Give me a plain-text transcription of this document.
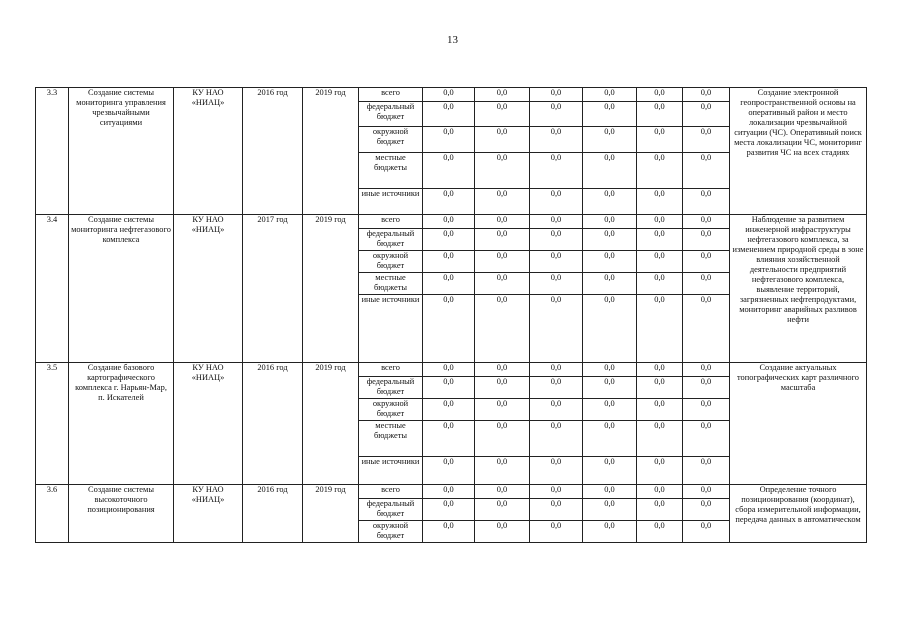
13
3.3	Создание системы мониторинга управления чрезвычайными ситуациями	КУ НАО «НИАЦ»	2016 год	2019 год	всего	0,0	0,0	0,0	0,0	0,0	0,0	Создание электронной геопространственной основы на оперативный район и место локализации чрезвычайной ситуации (ЧС). Оперативный поиск места локализации ЧС, мониторинг развития ЧС на всех стадиях
					федеральный бюджет	0,0	0,0	0,0	0,0	0,0	0,0	
					окружной бюджет	0,0	0,0	0,0	0,0	0,0	0,0	
					местные бюджеты	0,0	0,0	0,0	0,0	0,0	0,0	
					иные источники	0,0	0,0	0,0	0,0	0,0	0,0	
3.4	Создание системы мониторинга нефтегазового комплекса	КУ НАО «НИАЦ»	2017 год	2019 год	всего	0,0	0,0	0,0	0,0	0,0	0,0	Наблюдение за развитием инженерной инфраструктуры нефтегазового комплекса, за изменением природной среды в зоне влияния хозяйственной деятельности предприятий нефтегазового комплекса, выявление территорий, загрязненных нефтепродуктами, мониторинг аварийных разливов нефти
					федеральный бюджет	0,0	0,0	0,0	0,0	0,0	0,0	
					окружной бюджет	0,0	0,0	0,0	0,0	0,0	0,0	
					местные бюджеты	0,0	0,0	0,0	0,0	0,0	0,0	
					иные источники	0,0	0,0	0,0	0,0	0,0	0,0	
3.5	Создание базового картографического комплекса г. Нарьян-Мар, п. Искателей	КУ НАО «НИАЦ»	2016 год	2019 год	всего	0,0	0,0	0,0	0,0	0,0	0,0	Создание актуальных топографических карт различного масштаба
					федеральный бюджет	0,0	0,0	0,0	0,0	0,0	0,0	
					окружной бюджет	0,0	0,0	0,0	0,0	0,0	0,0	
					местные бюджеты	0,0	0,0	0,0	0,0	0,0	0,0	
					иные источники	0,0	0,0	0,0	0,0	0,0	0,0	
3.6	Создание системы высокоточного позиционирования	КУ НАО «НИАЦ»	2016 год	2019 год	всего	0,0	0,0	0,0	0,0	0,0	0,0	Определение точного позиционирования (координат), сбора измерительной информации, передача данных в автоматическом
					федеральный бюджет	0,0	0,0	0,0	0,0	0,0	0,0	
					окружной бюджет	0,0	0,0	0,0	0,0	0,0	0,0	
